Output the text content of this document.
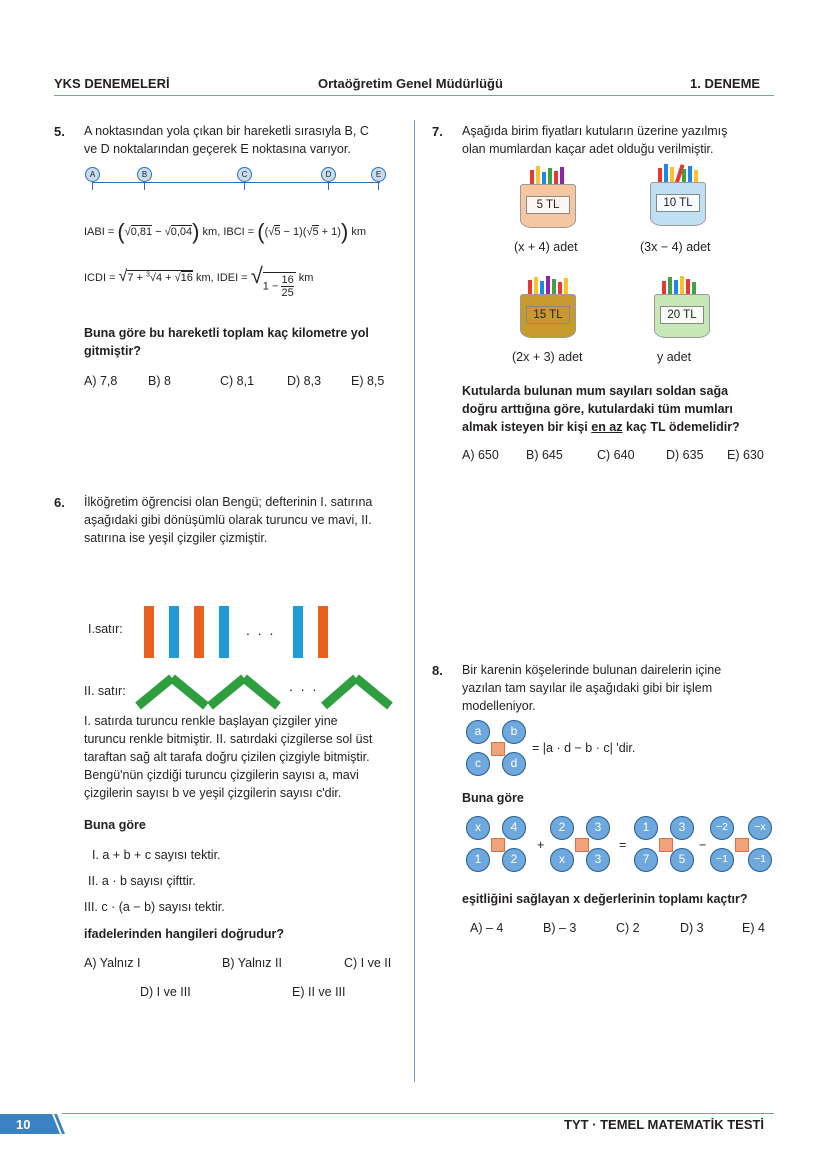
YKS DENEMELERİ	Ortaöğretim Genel Müdürlüğü	1. DENEME
5. A noktasından yola çıkan bir hareketli sırasıyla B, C
ve D noktalarından geçerek E noktasına varıyor.
A	B	C	D	E
IABI = (√0,81 − √0,04) km, IBCI = ((√5 − 1)(√5 + 1)) km
ICDI = √7 + $^3$√4 + √16 km, IDEI = $√1 - \frac{16}{25}$ km
Buna göre bu hareketli toplam kaç kilometre yol
gitmiştir?
A) 7,8 B) 8	C) 8,1	D) 8,3 E) 8,5
6. İlköğretim öğrencisi olan Bengü; defterinin I. satırına
aşağıdaki gibi dönüşümlü olarak turuncu ve mavi, II.
satırına ise yeşil çizgiler çizmiştir.
I.satır:	. . .
II. satır:	. . .
I. satırda turuncu renkle başlayan çizgiler yine
turuncu renkle bitmiştir. II. satırdaki çizgilerse sol üst
taraftan sağ alt tarafa doğru çizilen çizgiyle bitmiştir.
Bengü'nün çizdiği turuncu çizgilerin sayısı a, mavi
çizgilerin sayısı b ve yeşil çizgilerin sayısı c'dir.
Buna göre
I. a + b + c sayısı tektir.
II. a · b sayısı çifttir.
III. c · (a − b) sayısı tektir.
ifadelerinden hangileri doğrudur?
A) Yalnız I	B) Yalnız II	C) I ve II
D) I ve III	E) II ve III
7. Aşağıda birim fiyatları kutuların üzerine yazılmış
olan mumlardan kaçar adet olduğu verilmiştir.
5 TL
(x + 4) adet
10 TL
(3x − 4) adet
15 TL
(2x + 3) adet
20 TL
y adet
Kutularda bulunan mum sayıları soldan sağa
doğru arttığına göre, kutulardaki tüm mumları
almak isteyen bir kişi en az kaç TL ödemelidir?
A) 650 B) 645	C) 640	D) 635 E) 630
8. Bir karenin köşelerinde bulunan dairelerin içine
yazılan tam sayılar ile aşağıdaki gibi bir işlem
modelleniyor.
a	b
c	d
= |a · d − b · c| 'dir.
Buna göre
x	4
1	2
+
2	3
x	3
=
1	3
7	5
−
−2	−x
−1	−1
eşitliğini sağlayan x değerlerinin toplamı kaçtır?
A) – 4	B) – 3	C) 2	D) 3	E) 4
10	TYT · TEMEL MATEMATİK TESTİ
